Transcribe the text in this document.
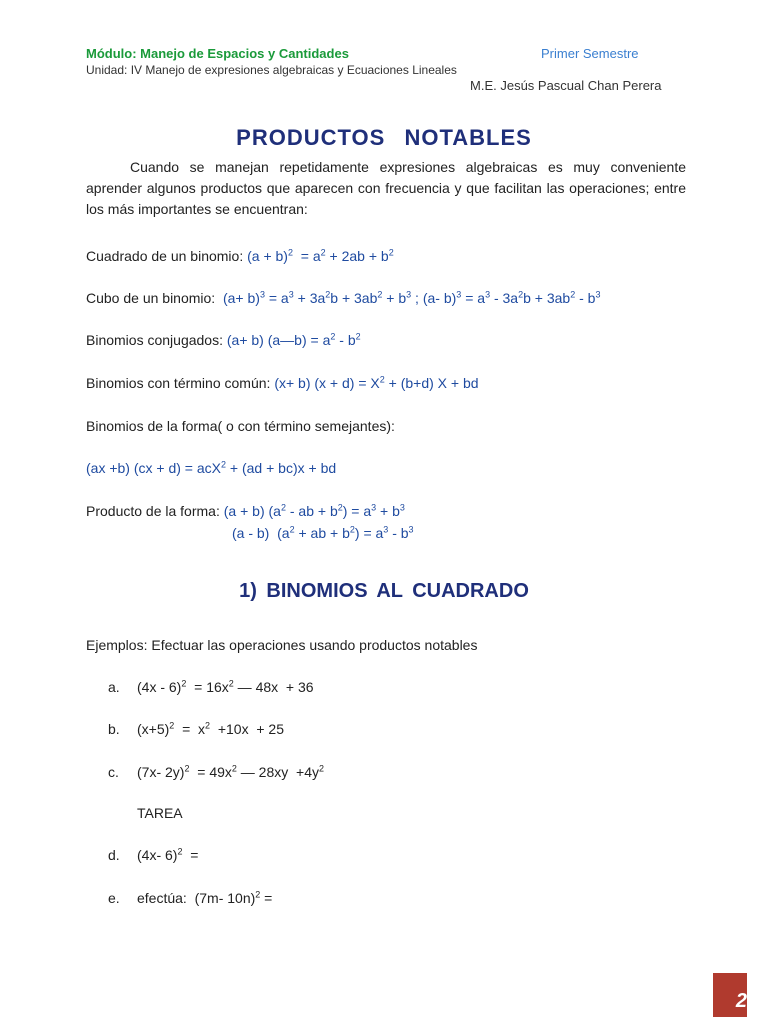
Módulo: Manejo de Espacios y Cantidades	Primer Semestre
Unidad: IV Manejo de expresiones algebraicas y Ecuaciones Lineales
M.E. Jesús Pascual Chan Perera
PRODUCTOS NOTABLES
Cuando se manejan repetidamente expresiones algebraicas es muy conveniente aprender algunos productos que aparecen con frecuencia y que facilitan las operaciones; entre los más importantes se encuentran:
Cuadrado de un binomio: $(a + b)^2 = a^2 + 2ab + b^2$
Cubo de un binomio:  $(a+ b)^3 = a^3 + 3a^2b + 3ab^2 + b^3$ ; (a- $b)^3 = a^3 - 3a^2b + 3ab^2 - b^3$
Binomios conjugados: (a+ b) (a—b) = $a^2 - b^2$
Binomios con término común: (x+ b) $(x + d) = X^2 + (b+d) X$ + bd
Binomios de la forma( o con término semejantes):
(ax +b) (cx + d) = acX$^2$ + (ad + bc)x + bd
Producto de la forma: (a + b) ($a^2$ - ab + $b^2) = a^3 + b^3$
(a - b)  ($a^2$ + ab + $b^2) = a^3 - b^3$
1) BINOMIOS AL CUADRADO
Ejemplos: Efectuar las operaciones usando productos notables
a. $(4x - 6)^2 = 16x^2$ — 48x  + 36
b. $(x+5)^2 = x^2 +10x + 25$
c. (7x- $2y)^2 = 49x^2$ — $28xy +4y^2$
TAREA
d. (4x- 6)$^2$  =
e. efectúa:  (7m- 10n)$^2$ =
2
